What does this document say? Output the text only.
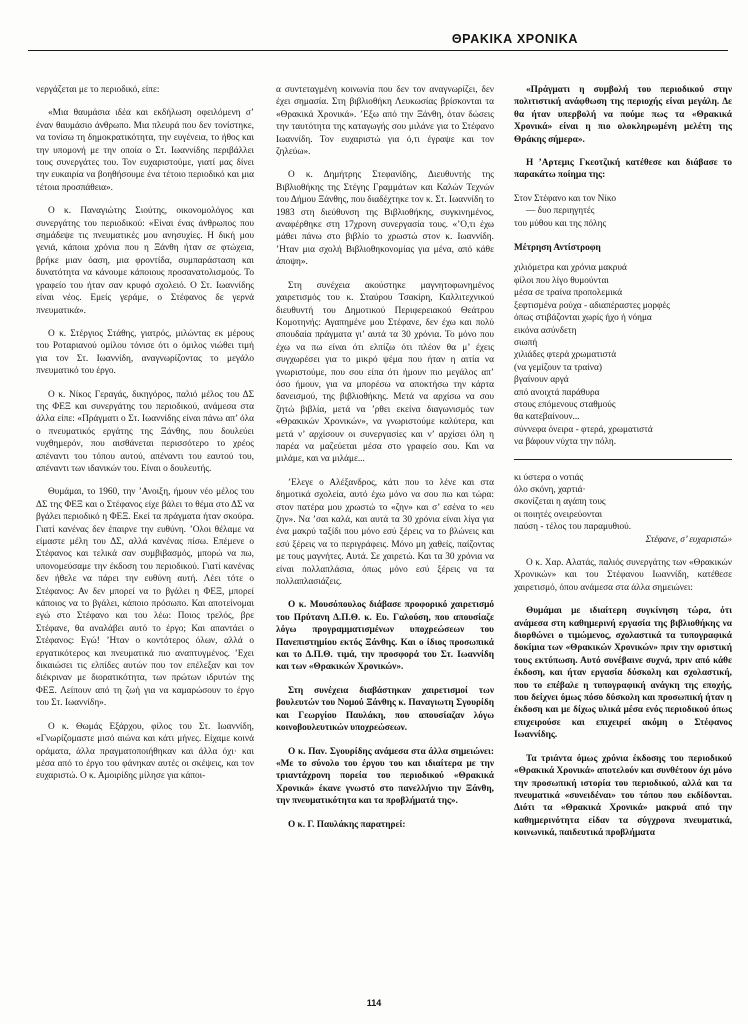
ΘΡΑΚΙΚΑ ΧΡΟΝΙΚΑ

νεργάζεται με το περιοδικό, είπε:

«Μια θαυμάσια ιδέα και εκδήλωση οφειλόμενη σ’ έναν θαυμάσιο άνθρωπο. Μια πλευρά που δεν τονίστηκε, να τονίσω τη δημοκρατικότητα, την ευγένεια, το ήθος και την υπομονή με την οποία ο Στ. Ιωαννίδης περιβάλλει τους συνεργάτες του. Τον ευχαριστούμε, γιατί μας δίνει την ευκαιρία να βοηθήσουμε ένα τέτοιο περιοδικό και μια τέτοια προσπάθεια».

Ο κ. Παναγιώτης Σιούτης, οικονομολόγος και συνεργάτης του περιοδικού: «Είναι ένας άνθρωπος που σημάδεψε τις πνευματικές μου ανησυχίες. Η δική μου γενιά, κάποια χρόνια που η Ξάνθη ήταν σε φτώχεια, βρήκε μιαν όαση, μια φροντίδα, συμπαράσταση και δυνατότητα να κάνουμε κάποιους προσανατολισμούς. Το γραφείο του ήταν σαν κρυφό σχολειό. Ο Στ. Ιωαννίδης είναι νέος. Εμείς γεράμε, ο Στέφανος δε γερνά πνευματικά».

Ο κ. Στέργιος Στάθης, γιατρός, μιλώντας εκ μέρους του Ροταριανού ομίλου τόνισε ότι ο όμιλος νιώθει τιμή για τον Στ. Ιωαννίδη, αναγνωρίζοντας το μεγάλο πνευματικό του έργο.

Ο κ. Νίκος Γεραγάς, δικηγόρος, παλιό μέλος του ΔΣ της ΦΕΞ και συνεργάτης του περιοδικού, ανάμεσα στα άλλα είπε: «Πράγματι ο Στ. Ιωαννίδης είναι πάνω απ’ όλα ο πνευματικός εργάτης της Ξάνθης, που δουλεύει νυχθημερόν, που αισθάνεται περισσότερο το χρέος απέναντι του τόπου αυτού, απέναντι του εαυτού του, απέναντι των ιδανικών του. Είναι ο δουλευτής.

Θυμάμαι, το 1960, την ’Ανοιξη, ήμουν νέο μέλος του ΔΣ της ΦΕΞ και ο Στέφανος είχε βάλει το θέμα στο ΔΣ να βγάλει περιοδικό η ΦΕΞ. Εκεί τα πράγματα ήταν σκούρα. Γιατί κανένας δεν έπαιρνε την ευθύνη. ’Ολοι θέλαμε να είμαστε μέλη του ΔΣ, αλλά κανένας πίσω. Επέμενε ο Στέφανος και τελικά σαν συμβιβασμός, μπορώ να πω, υπονομεύσαμε την έκδοση του περιοδικού. Γιατί κανένας δεν ήθελε να πάρει την ευθύνη αυτή. Λέει τότε ο Στέφανος: Αν δεν μπορεί να το βγάλει η ΦΕΞ, μπορεί κάποιος να το βγάλει, κάποιο πρόσωπο. Και αποτείνομαι εγώ στο Στέφανο και του λέω: Ποιος τρελός, βρε Στέφανε, θα αναλάβει αυτό το έργο; Και απαντάει ο Στέφανος: Εγώ! ’Ηταν ο κοντότερος όλων, αλλά ο εργατικότερος και πνευματικά πιο αναπτυγμένος. ’Εχει δικαιώσει τις ελπίδες αυτών που τον επέλεξαν και τον διέκριναν με διορατικότητα, των πρώτων ιδρυτών της ΦΕΞ. Λείπουν από τη ζωή για να καμαρώσουν το έργο του Στ. Ιωαννίδη».

Ο κ. Θωμάς Εξάρχου, φίλος του Στ. Ιωαννίδη, «Γνωρίζομαστε μισό αιώνα και κάτι μήνες. Είχαμε κοινά οράματα, άλλα πραγματοποιήθηκαν και άλλα όχι· και μέσα από το έργο του φάνηκαν αυτές οι σκέψεις, και τον ευχαριστώ. Ο κ. Αμοιρίδης μίλησε για κάποι-

α συντεταγμένη κοινωνία που δεν τον αναγνωρίζει, δεν έχει σημασία. Στη βιβλιοθήκη Λευκωσίας βρίσκονται τα «Θρακικά Χρονικά». ’Εξω από την Ξάνθη, όταν δώσεις την ταυτότητα της καταγωγής σου μιλάνε για το Στέφανο Ιωαννίδη. Τον ευχαριστώ για ό,τι έγραψε και τον ζηλεύω».

Ο κ. Δημήτρης Στεφανίδης, Διευθυντής της Βιβλιοθήκης της Στέγης Γραμμάτων και Καλών Τεχνών του Δήμου Ξάνθης, που διαδέχτηκε τον κ. Στ. Ιωαννίδη το 1983 στη διεύθυνση της Βιβλιοθήκης, συγκινημένος, αναφέρθηκε στη 17χρονη συνεργασία τους. «’Ο,τι έχω μάθει πάνω στο βιβλίο το χρωστώ στον κ. Ιωαννίδη. ’Ηταν μια σχολή Βιβλιοθηκονομίας για μένα, από κάθε άποψη».

Στη συνέχεια ακούστηκε μαγνητοφωνημένος χαιρετισμός του κ. Σταύρου Τσακίρη, Καλλιτεχνικού διευθυντή του Δημοτικού Περιφερειακού Θεάτρου Κομοτηνής: Αγαπημένε μου Στέφανε, δεν έχω και πολύ σπουδαία πράγματα γι’ αυτά τα 30 χρόνια. Το μόνο που έχω να πω είναι ότι ελπίζω ότι πλέον θα μ’ έχεις συγχωρέσει για το μικρό ψέμα που ήταν η αιτία να γνωριστούμε, που σου είπα ότι ήμουν πιο μεγάλος απ’ όσο ήμουν, για να μπορέσω να αποκτήσω την κάρτα δανεισμού, της βιβλιοθήκης. Μετά να αρχίσω να σου ζητώ βιβλία, μετά να ’ρθει εκείνα διαγωνισμός των «Θρακικών Χρονικών», να γνωριστούμε καλύτερα, και μετά ν’ αρχίσουν οι συνεργασίες και ν’ αρχίσει όλη η παρέα να μαζεύεται μέσα στο γραφείο σου. Και να μιλάμε, και να μιλάμε...

’Ελεγε ο Αλέξανδρος, κάτι που το λένε και στα δημοτικά σχολεία, αυτό έχω μόνο να σου πω και τώρα: στον πατέρα μου χρωστώ το «ζην» και σ’ εσένα το «ευ ζην». Να ’σαι καλά, και αυτά τα 30 χρόνια είναι λίγα για ένα μακρύ ταξίδι που μόνο εσύ ξέρεις να το βλώνεις και εσύ ξέρεις να το περιγράφεις. Μόνο μη χαθείς, παίζοντας με τους μαγνήτες. Αυτά. Σε χαιρετώ. Και τα 30 χρόνια να είναι πολλαπλάσια, όπως μόνο εσύ ξέρεις να τα πολλαπλασιάζεις.

Ο κ. Μουσόπουλος διάβασε προφορικό χαιρετισμό του Πρύτανη Δ.Π.Θ. κ. Ευ. Γαλούση, που απουσίαζε λόγω προγραμματισμένων υποχρεώσεων του Πανεπιστημίου εκτός Ξάνθης. Και ο ίδιος προσωπικά και το Δ.Π.Θ. τιμά, την προσφορά του Στ. Ιωαννίδη και των «Θρακικών Χρονικών».

Στη συνέχεια διαβάστηκαν χαιρετισμοί των βουλευτών του Νομού Ξάνθης κ. Παναγιωτη Σγουρίδη και Γεωργίου Παυλάκη, που απουσίαζαν λόγω κοινοβουλευτικών υποχρεώσεων.

Ο κ. Παν. Σγουρίδης ανάμεσα στα άλλα σημειώνει: «Με το σύνολο του έργου του και ιδιαίτερα με την τριαντάχρονη πορεία του περιοδικού «Θρακικά Χρονικά» έκανε γνωστό στο πανελλήνιο την Ξάνθη, την πνευματικότητα και τα προβλήματά της».

Ο κ. Γ. Παυλάκης παρατηρεί:

«Πράγματι η συμβολή του περιοδικού στην πολιτιστική ανάφθωση της περιοχής είναι μεγάλη. Δε θα ήταν υπερβολή να πούμε πως τα «Θρακικά Χρονικά» είναι η πιο ολοκληρωμένη μελέτη της Θράκης σήμερα».

Η ’Αρτεμις Γκεοτζική κατέθεσε και διάβασε το παρακάτω ποίημα της:

Στον Στέφανο και τον Νίκο
— δυο περιηγητές
του μύθου και της πόλης
Μέτρηση Αντίστροφη
χιλιόμετρα και χρόνια μακρυά
φίλοι που λίγο θυμούνται
μέσα σε τραίνα προπολεμικά
ξεφτισμένα ρούχα - αδιαπέραστες μορφές
όπως στιβάζονται χωρίς ήχο ή νόημα
εικόνα ασύνδετη
σιωπή
χιλιάδες φτερά χρωματιστά
(να γεμίζουν τα τραίνα)
βγαίνουν αργά
από ανοιχτά παράθυρα
στους επόμενους σταθμούς
θα κατεβαίνουν...
σύννεφα όνειρα - φτερά, χρωματιστά
να βάφουν νύχτα την πόλη.
κι ύστερα ο νοτιάς
όλο σκόνη, χαρτιά·
σκονίζεται η αγάπη τους
οι ποιητές ονειρεύονται
παύση - τέλος του παραμυθιού.

Στέφανε, σ’ ευχαριστώ»

Ο κ. Χαρ. Αλατάς, παλιός συνεργάτης των «Θρακικών Χρονικών» και του Στέφανου Ιωαννίδη, κατέθεσε χαιρετισμό, όπου ανάμεσα στα άλλα σημειώνει:

Θυμάμαι με ιδιαίτερη συγκίνηση τώρα, ότι ανάμεσα στη καθημερινή εργασία της βιβλιοθήκης να διορθώνει ο τιμώμενος, σχολαστικά τα τυπογραφικά δοκίμια των «Θρακικών Χρονικών» πριν την οριστική τους εκτύπωση. Αυτό συνέβαινε συχνά, πριν από κάθε έκδοση, και ήταν εργασία δύσκολη και σχολαστική, που το επέβαλε η τυπογραφική ανάγκη της εποχής, που δείχνει όμως πόσο δύσκολη και προσωπική ήταν η έκδοση και με δίχως υλικά μέσα ενός περιοδικού όπως επιχειρούσε και επιχειρεί ακόμη ο Στέφανος Ιωαννίδης.

Τα τριάντα όμως χρόνια έκδοσης του περιοδικού «Θρακικά Χρονικά» αποτελούν και συνθέτουν όχι μόνο την προσωπική ιστορία του περιοδικού, αλλά και τα πνευματικά «συνειδέναι» του τόπου που εκδίδονται. Διότι τα «Θρακικά Χρονικά» μακρυά από την καθημερινότητα είδαν τα σύγχρονα πνευματικά, κοινωνικά, παιδευτικά προβλήματα

114
